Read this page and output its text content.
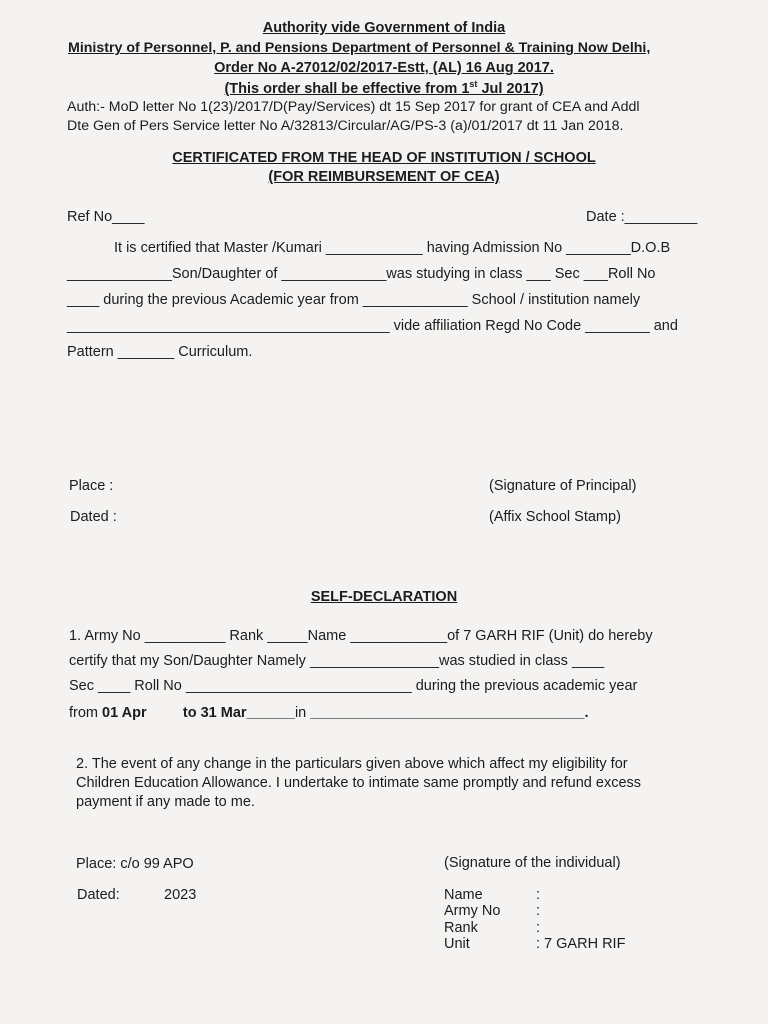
Authority vide Government of India
Ministry of Personnel, P. and Pensions Department of Personnel & Training Now Delhi,
Order No A-27012/02/2017-Estt, (AL) 16 Aug 2017.
(This order shall be effective from 1st Jul 2017)
Auth:- MoD letter No 1(23)/2017/D(Pay/Services) dt 15 Sep 2017 for grant of CEA and Addl
Dte Gen of Pers Service letter No A/32813/Circular/AG/PS-3 (a)/01/2017 dt 11 Jan 2018.
CERTIFICATED FROM THE HEAD OF INSTITUTION / SCHOOL
(FOR REIMBURSEMENT OF CEA)
Ref No____	Date :_________
It is certified that Master /Kumari ____________ having Admission No ________D.O.B
_____________Son/Daughter of _____________was studying in class ___ Sec ___Roll No
____ during the previous Academic year from _____________ School / institution namely
________________________________________ vide affiliation Regd No Code ________ and
Pattern _______ Curriculum.
Place :	(Signature of Principal)
Dated :	(Affix School Stamp)
SELF-DECLARATION
1. Army No __________ Rank _____Name ____________of 7 GARH RIF (Unit) do hereby
certify that my Son/Daughter Namely ________________was studied in class ____
Sec ____ Roll No ____________________________ during the previous academic year
from 01 Apr         to 31 Mar______in __________________________________.
2. The event of any change in the particulars given above which affect my eligibility for
Children Education Allowance. I undertake to intimate same promptly and refund excess
payment if any made to me.
Place: c/o 99 APO	(Signature of the individual)
Dated:	2023	Name	:
Army No :
Rank	:
Unit	: 7 GARH RIF
